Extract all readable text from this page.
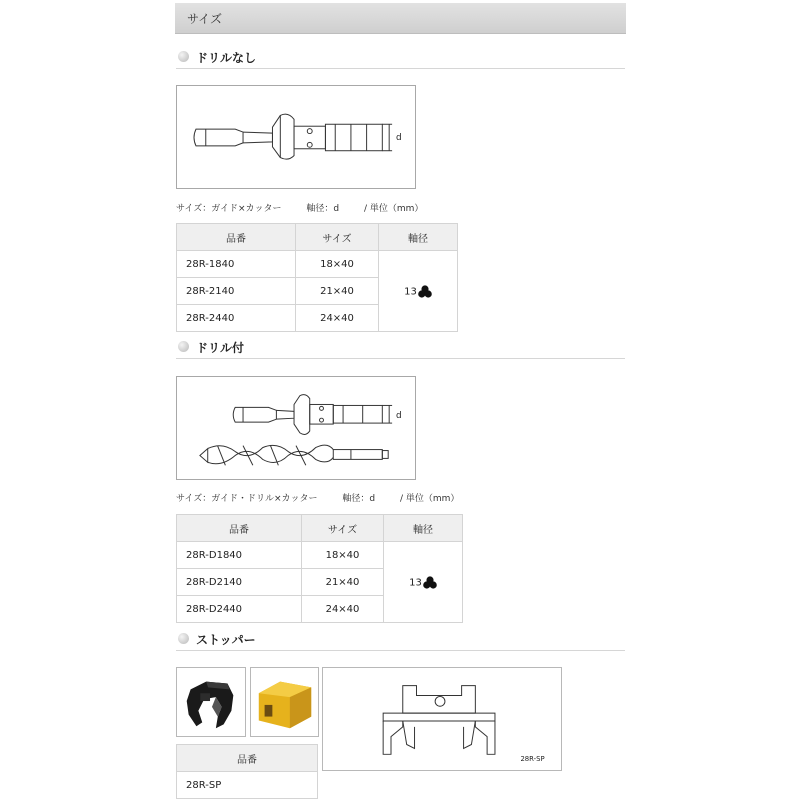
サイズ
ドリルなし
d
サイズ：ガイド×カッター	軸径：d	/ 単位（mm）
品番	サイズ	軸径
28R-1840	18×40	13
28R-2140	21×40	
28R-2440	24×40	
ドリル付
d
サイズ：ガイド・ドリル×カッター	軸径：d	/ 単位（mm）
品番	サイズ	軸径
28R-D1840	18×40	13
28R-D2140	21×40	
28R-D2440	24×40	
ストッパー
28R-SP
品番
28R-SP
